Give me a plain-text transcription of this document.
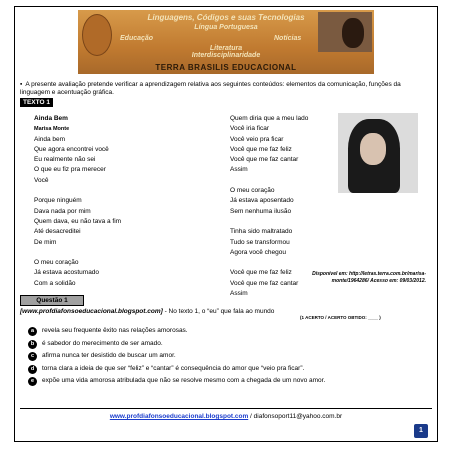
Linguagens, Códigos e suas Tecnologias
Língua Portuguesa
Educação	Notícias
Literatura
Interdisciplinaridade
TERRA BRASILIS EDUCACIONAL
▪ A presente avaliação pretende verificar a aprendizagem relativa aos seguintes conteúdos: elementos da comunicação, funções da linguagem e acentuação gráfica.
TEXTO 1
Ainda Bem
Marisa Monte
Ainda bem
Que agora encontrei você
Eu realmente não sei
O que eu fiz pra merecer
Você

Porque ninguém
Dava nada por mim
Quem dava, eu não tava a fim
Até desacreditei
De mim

O meu coração
Já estava acostumado
Com a solidão
Quem diria que a meu lado
Você iria ficar
Você veio pra ficar
Você que me faz feliz
Você que me faz cantar
Assim

O meu coração
Já estava aposentado
Sem nenhuma ilusão

Tinha sido maltratado
Tudo se transformou
Agora você chegou

Você que me faz feliz
Você que me faz cantar
Assim
Disponível em: http://letras.terra.com.br/marisa-
monte/1964286/ Acesso em: 09/03/2012.
Questão 1
[www.profdiafonsoeducacional.blogspot.com] - No texto 1, o “eu” que fala ao mundo
(1 ACERTO / ACERTO OBTIDO: ____ )
a	revela seu frequente êxito nas relações amorosas.
b	é sabedor do merecimento de ser amado.
c	afirma nunca ter desistido de buscar um amor.
d	torna clara a ideia de que ser “feliz” e “cantar” é consequência do amor que “veio pra ficar”.
e	expõe uma vida amorosa atribulada que não se resolve mesmo com a chegada de um novo amor.
www.profdiafonsoeducacional.blogspot.com / diafonsoport11@yahoo.com.br
1
